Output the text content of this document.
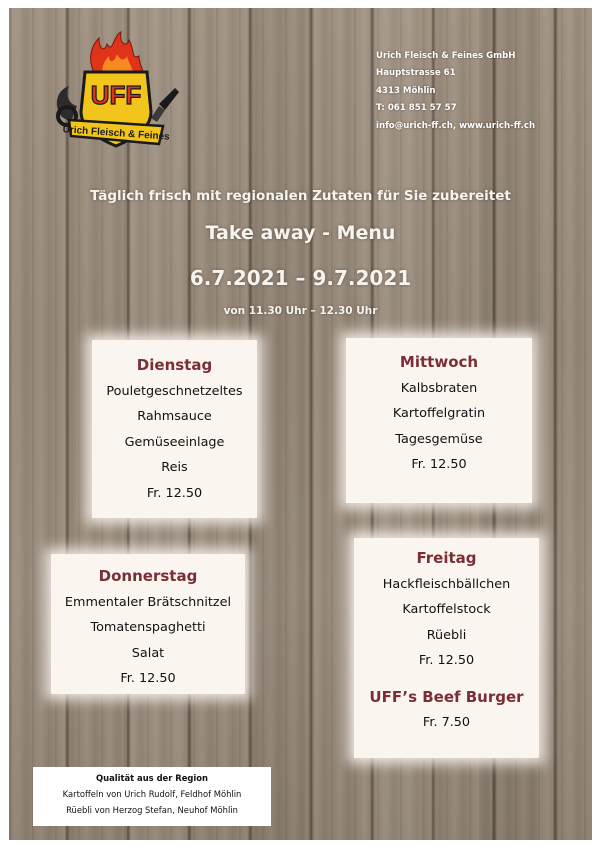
UFF
Urich Fleisch & Feines
Urich Fleisch & Feines GmbH
Hauptstrasse 61
4313 Möhlin
T: 061 851 57 57
info@urich-ff.ch, www.urich-ff.ch
Täglich frisch mit regionalen Zutaten für Sie zubereitet
Take away - Menu
6.7.2021 – 9.7.2021
von 11.30 Uhr – 12.30 Uhr
Dienstag
Pouletgeschnetzeltes
Rahmsauce
Gemüseeinlage
Reis
Fr. 12.50
Mittwoch
Kalbsbraten
Kartoffelgratin
Tagesgemüse
Fr. 12.50
Donnerstag
Emmentaler Brätschnitzel
Tomatenspaghetti
Salat
Fr. 12.50
Freitag
Hackfleischbällchen
Kartoffelstock
Rüebli
Fr. 12.50
UFF’s Beef Burger
Fr. 7.50
Qualität aus der Region
Kartoffeln von Urich Rudolf, Feldhof Möhlin
Rüebli von Herzog Stefan, Neuhof Möhlin
